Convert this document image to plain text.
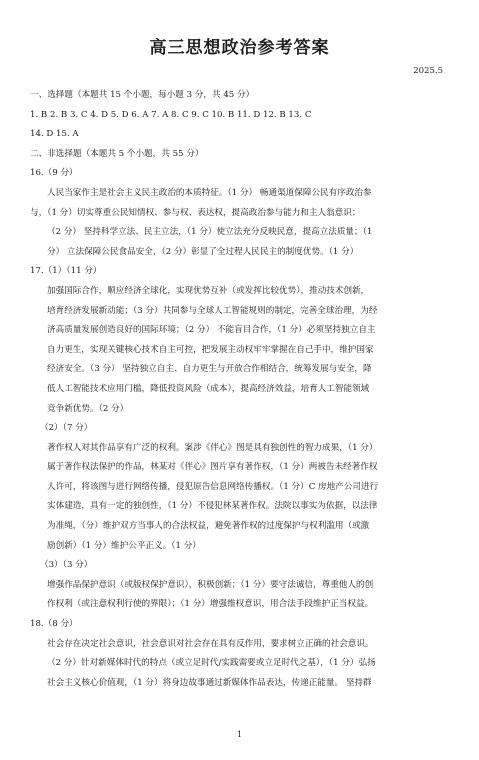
高三思想政治参考答案

2025.5

一、选择题（本题共 15 个小题，每小题 3 分，共 45 分）

1. B 2. B 3. C 4. D 5. D 6. A 7. A 8. C 9. C 10. B 11. D 12. B 13. C

14. D 15. A

二、非选择题（本题共 5 个小题，共 55 分）

16.（9 分）

人民当家作主是社会主义民主政治的本质特征。（1 分） 畅通渠道保障公民有序政治参

与，（1 分）切实尊重公民知情权、参与权、表达权，提高政治参与能力和主人翁意识；

（2 分） 坚持科学立法、民主立法，（1 分）使立法充分反映民意，提高立法质量；（1

分） 立法保障公民食品安全，（2 分）彰显了全过程人民民主的制度优势。（1 分）

17.（1）（11 分）

加强国际合作，顺应经济全球化，实现优势互补（或发挥比较优势），推动技术创新，

培育经济发展新动能；（3 分）共同参与全球人工智能规则的制定，完善全球治理，为经

济高质量发展创造良好的国际环境；（2 分） 不能盲目合作，（1 分）必须坚持独立自主

自力更生，实现关键核心技术自主可控，把发展主动权牢牢掌握在自己手中，维护国家

经济安全。（3 分） 坚持独立自主、自力更生与开放合作相结合，统筹发展与安全，降

低人工智能技术应用门槛，降低投资风险（成本），提高经济效益，培育人工智能领域

竞争新优势。（2 分）

（2）（7 分）

著作权人对其作品享有广泛的权利。案涉《伴心》图是具有独创性的智力成果，（1 分）

属于著作权法保护的作品，林某对《伴心》图片享有著作权，（1 分）两被告未经著作权

人许可，将该图与进行网络传播，侵犯原告信息网络传播权。（1 分）C 房地产公司进行

实体建造，具有一定的独创性，（1 分）不侵犯林某著作权。法院以事实为依据，以法律

为准绳，（分）维护双方当事人的合法权益，避免著作权的过度保护与权利滥用（或激

励创新）（1 分）维护公平正义。（1 分）

（3）（3 分）

增强作品保护意识（或版权保护意识），积极创新；（1 分）要守法诚信，尊重他人的创

作权利（或注意权利行使的界限）；（1 分）增强维权意识，用合法手段维护正当权益。

18.（8 分）

社会存在决定社会意识，社会意识对社会存在具有反作用，要求树立正确的社会意识。

（2 分）针对新媒体时代的特点（或立足时代/实践需要或立足时代之基），（1 分）弘扬

社会主义核心价值观，（1 分）将身边故事通过新媒体作品表达，传递正能量。 坚持群

1
